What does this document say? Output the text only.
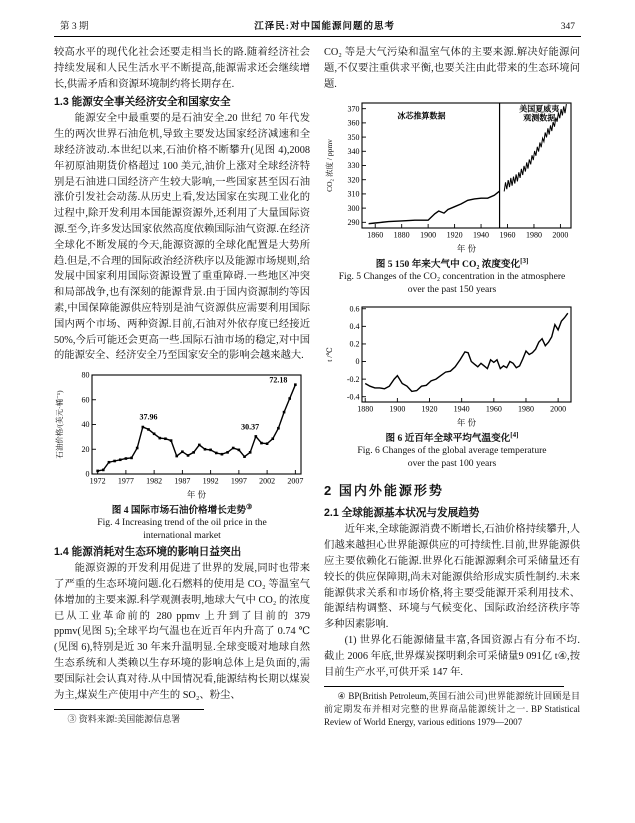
第 3 期	江泽民:对中国能源问题的思考	347

较高水平的现代化社会还要走相当长的路.随着经济社会持续发展和人民生活水平不断提高,能源需求还会继续增长,供需矛盾和资源环境制约将长期存在.

1.3 能源安全事关经济安全和国家安全

能源安全中最重要的是石油安全.20 世纪 70 年代发生的两次世界石油危机,导致主要发达国家经济减速和全球经济波动.本世纪以来,石油价格不断攀升(见图 4),2008 年初原油期货价格超过 100 美元,油价上涨对全球经济特别是石油进口国经济产生较大影响,一些国家甚至因石油涨价引发社会动荡.从历史上看,发达国家在实现工业化的过程中,除开发利用本国能源资源外,还利用了大量国际资源.至今,许多发达国家依然高度依赖国际油气资源.在经济全球化不断发展的今天,能源资源的全球化配置是大势所趋.但是,不合理的国际政治经济秩序以及能源市场规则,给发展中国家利用国际资源设置了重重障碍.一些地区冲突和局部战争,也有深刻的能源背景.由于国内资源制约等因素,中国保障能源供应特别是油气资源供应需要利用国际国内两个市场、两种资源.目前,石油对外依存度已经接近 50%,今后可能还会更高一些.国际石油市场的稳定,对中国的能源安全、经济安全乃至国家安全的影响会越来越大.

1972 1977 1982 1987 1992 1997 2002 2007
0
20
40
60
80
年 份
石油价格/(美元·桶⁻¹)	37.96
30.37
72.18
图 4 国际市场石油价格增长走势③
Fig. 4 Increasing trend of the oil price in the
international market
1.4 能源消耗对生态环境的影响日益突出

能源资源的开发利用促进了世界的发展,同时也带来了严重的生态环境问题.化石燃料的使用是 CO₂ 等温室气体增加的主要来源.科学观测表明,地球大气中 CO₂ 的浓度已从工业革命前的 280 ppmv 上升到了目前的 379 ppmv(见图 5);全球平均气温也在近百年内升高了 0.74 ℃(见图 6),特别是近 30 年来升温明显.全球变暖对地球自然生态系统和人类赖以生存环境的影响总体上是负面的,需要国际社会认真对待.从中国情况看,能源结构长期以煤炭为主,煤炭生产使用中产生的 SO₂、粉尘、

③ 资料来源:美国能源信息署

CO₂ 等是大气污染和温室气体的主要来源.解决好能源问题,不仅要注重供求平衡,也要关注由此带来的生态环境问题.

1860 1880 1900 1920 1940 1960 1980 2000
290
300
310
320
330
340
350
360
370
年 份
CO₂ 浓度 / ppmv
冰芯推算数据
美国夏威夷
观测数据
图 5 150 年来大气中 CO₂ 浓度变化[3]
Fig. 5 Changes of the CO₂ concentration in the atmosphere
over the past 150 years
1880 1900 1920 1940 1960 1980 2000
-0.4
-0.2
0
0.2
0.4
0.6
年 份
t /℃
图 6 近百年全球平均气温变化[4]
Fig. 6 Changes of the global average temperature
over the past 100 years
2 国内外能源形势
2.1 全球能源基本状况与发展趋势

近年来,全球能源消费不断增长,石油价格持续攀升,人们越来越担心世界能源供应的可持续性.目前,世界能源供应主要依赖化石能源.世界化石能源源剩余可采储量还有较长的供应保障期,尚未对能源供给形成实质性制约.未来能源供求关系和市场价格,将主要受能源开采利用技术、能源结构调整、环境与气候变化、国际政治经济秩序等多种因素影响.

(1) 世界化石能源储量丰富,各国资源占有分布不均.截止 2006 年底,世界煤炭探明剩余可采储量9 091亿 t④,按目前生产水平,可供开采 147 年.

④ BP(British Petroleum,英国石油公司)世界能源统计回顾是目前定期发布并相对完整的世界商品能源统计之一. BP Statistical Review of World Energy, various editions 1979—2007
